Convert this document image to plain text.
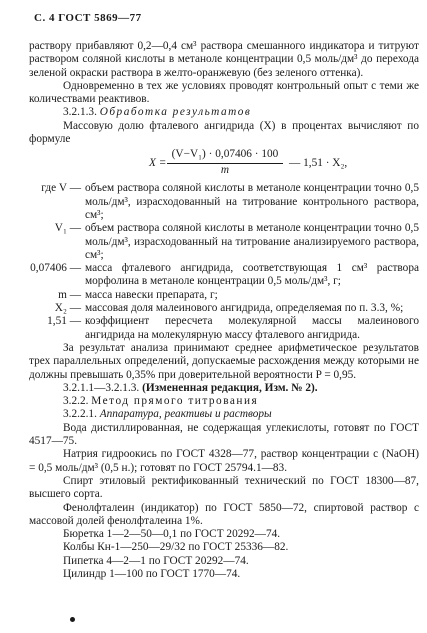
С. 4 ГОСТ 5869—77

раствору прибавляют 0,2—0,4 см³ раствора смешанного индикатора и титруют раствором соляной кислоты в метаноле концентрации 0,5 моль/дм³ до перехода зеленой окраски раствора в желто-оранжевую (без зеленого оттенка).

Одновременно в тех же условиях проводят контрольный опыт с теми же количествами реактивов.

3.2.1.3. Обработка результатов

Массовую долю фталевого ангидрида (X) в процентах вычисляют по формуле

$X = \frac{\text{(V−V₁) · 0,07406 · 100}}{m}$ — 1,51 · X₂,
где V — объем раствора соляной кислоты в метаноле концентрации точно 0,5 моль/дм³, израсходованный на титрование контрольного раствора, см³;
V₁ — объем раствора соляной кислоты в метаноле концентрации точно 0,5 моль/дм³, израсходованный на титрование анализируемого раствора, см³;
0,07406 — масса фталевого ангидрида, соответствующая 1 см³ раствора морфолина в метаноле концентрации 0,5 моль/дм³, г;
m — масса навески препарата, г;
X₂ — массовая доля малеинового ангидрида, определяемая по п. 3.3, %;
1,51 — коэффициент пересчета молекулярной массы малеинового ангидрида на молекулярную массу фталевого ангидрида.

За результат анализа принимают среднее арифметическое результатов трех параллельных определений, допускаемые расхождения между которыми не должны превышать 0,35% при доверительной вероятности P = 0,95.

3.2.1.1—3.2.1.3. (Измененная редакция, Изм. № 2).

3.2.2. Метод прямого титрования

3.2.2.1. Аппаратура, реактивы и растворы

Вода дистиллированная, не содержащая углекислоты, готовят по ГОСТ 4517—75.

Натрия гидроокись по ГОСТ 4328—77, раствор концентрации c (NaOH) = 0,5 моль/дм³ (0,5 н.); готовят по ГОСТ 25794.1—83.

Спирт этиловый ректификованный технический по ГОСТ 18300—87, высшего сорта.

Фенолфталеин (индикатор) по ГОСТ 5850—72, спиртовой раствор с массовой долей фенолфталеина 1%.

Бюретка 1—2—50—0,1 по ГОСТ 20292—74.

Колбы Кн-1—250—29/32 по ГОСТ 25336—82.

Пипетка 4—2—1 по ГОСТ 20292—74.

Цилиндр 1—100 по ГОСТ 1770—74.
